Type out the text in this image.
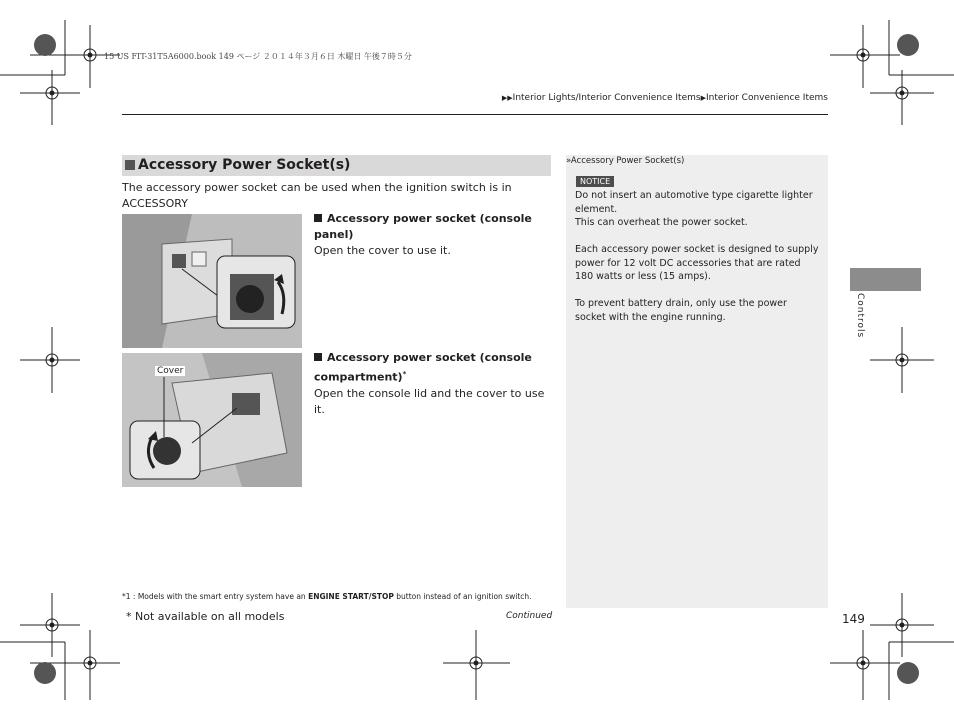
15 US FIT-31T5A6000.book 149 ページ ２０１４年３月６日 木曜日 午後７時５分
▶▶Interior Lights/Interior Convenience Items▶Interior Convenience Items
Accessory Power Socket(s)
The accessory power socket can be used when the ignition switch is in ACCESSORY

Accessory power socket (console panel)
Open the cover to use it.
Cover
Accessory power socket (console compartment)*
Open the console lid and the cover to use it.
»Accessory Power Socket(s)
NOTICE
Do not insert an automotive type cigarette lighter element.
This can overheat the power socket.
Each accessory power socket is designed to supply power for 12 volt DC accessories that are rated 180 watts or less (15 amps).
To prevent battery drain, only use the power socket with the engine running.	Controls
*1 : Models with the smart entry system have an ENGINE START/STOP button instead of an ignition switch.
* Not available on all models	Continued	149
